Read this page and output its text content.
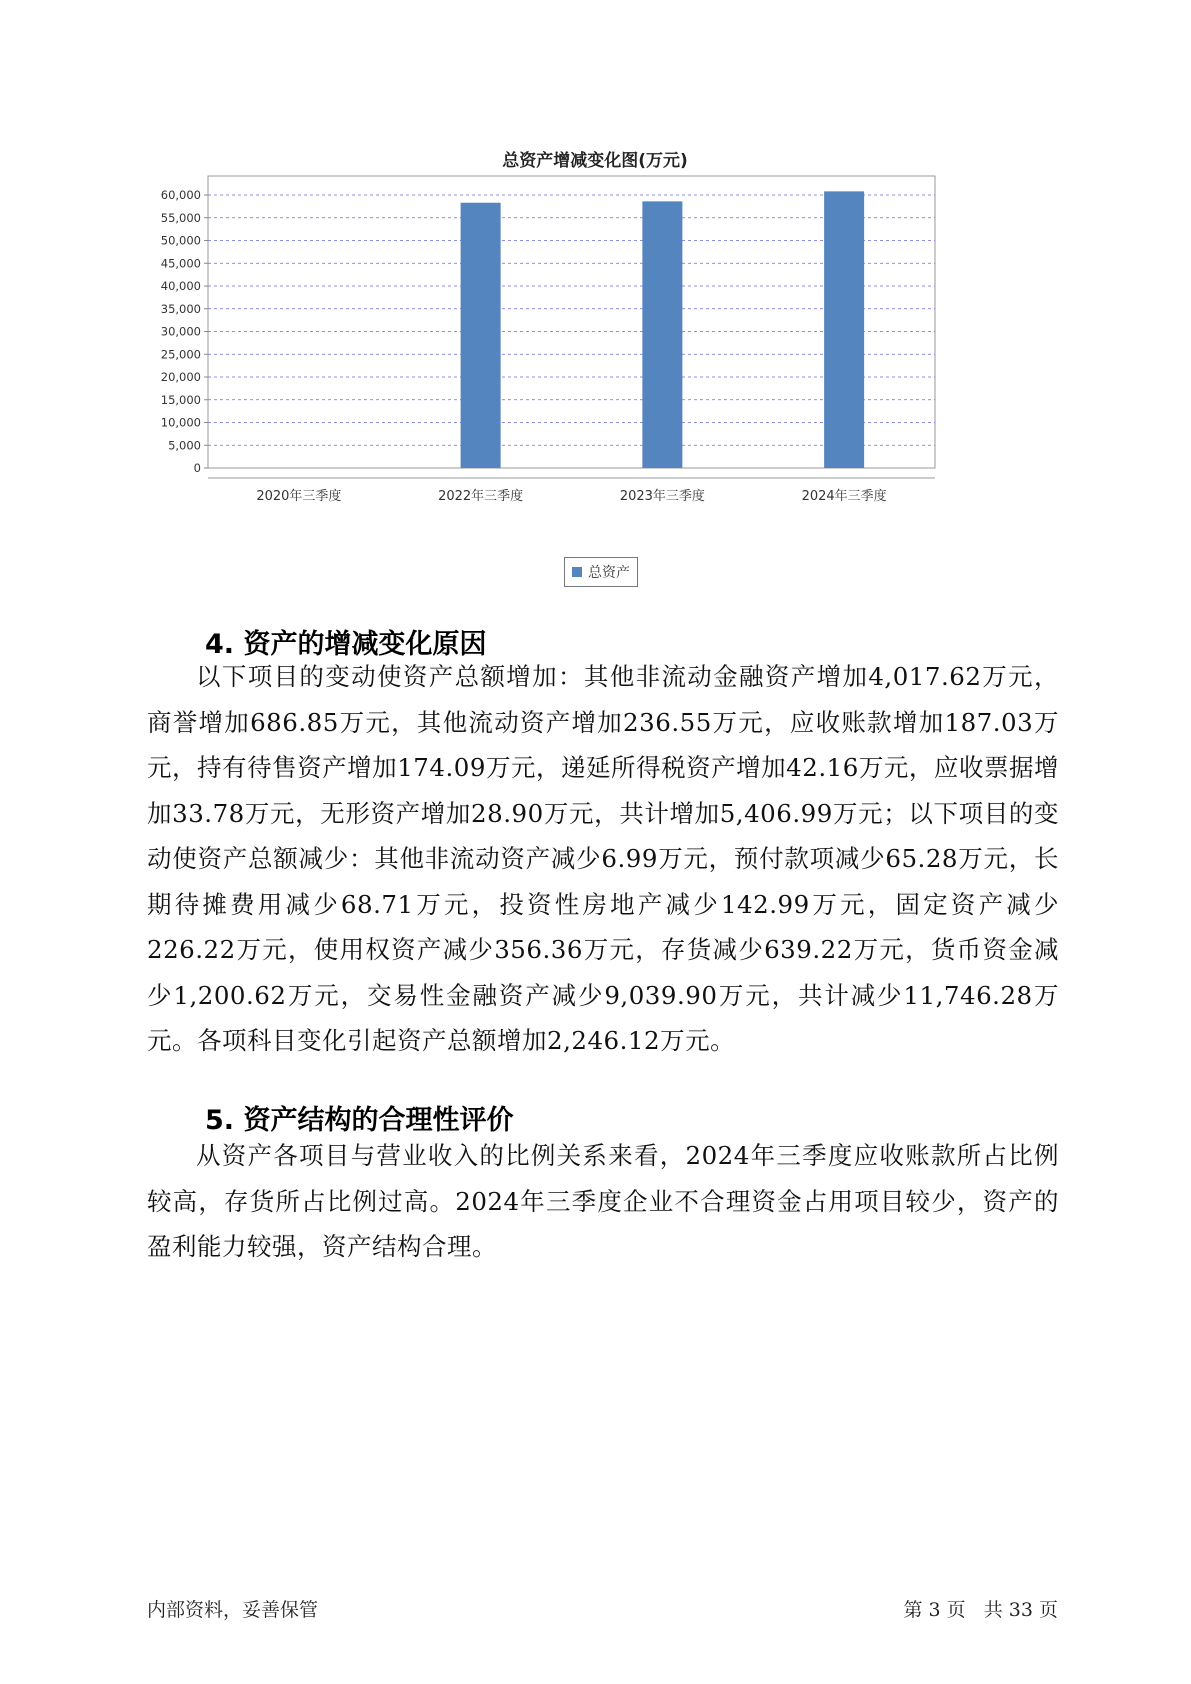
总资产增减变化图(万元)
0
5,000
10,000
15,000
20,000
25,000
30,000
35,000
40,000
45,000
50,000
55,000
60,000
2020年三季度	2022年三季度	2023年三季度	2024年三季度
总资产
4. 资产的增减变化原因

以下项目的变动使资产总额增加：其他非流动金融资产增加4,017.62万元，商誉增加686.85万元，其他流动资产增加236.55万元，应收账款增加187.03万元，持有待售资产增加174.09万元，递延所得税资产增加42.16万元，应收票据增加33.78万元，无形资产增加28.90万元，共计增加5,406.99万元；以下项目的变动使资产总额减少：其他非流动资产减少6.99万元，预付款项减少65.28万元，长期待摊费用减少68.71万元，投资性房地产减少142.99万元，固定资产减少226.22万元，使用权资产减少356.36万元，存货减少639.22万元，货币资金减少1,200.62万元，交易性金融资产减少9,039.90万元，共计减少11,746.28万元。各项科目变化引起资产总额增加2,246.12万元。

5. 资产结构的合理性评价

从资产各项目与营业收入的比例关系来看，2024年三季度应收账款所占比例较高，存货所占比例过高。2024年三季度企业不合理资金占用项目较少，资产的盈利能力较强，资产结构合理。

内部资料，妥善保管	第 3 页   共 33 页
